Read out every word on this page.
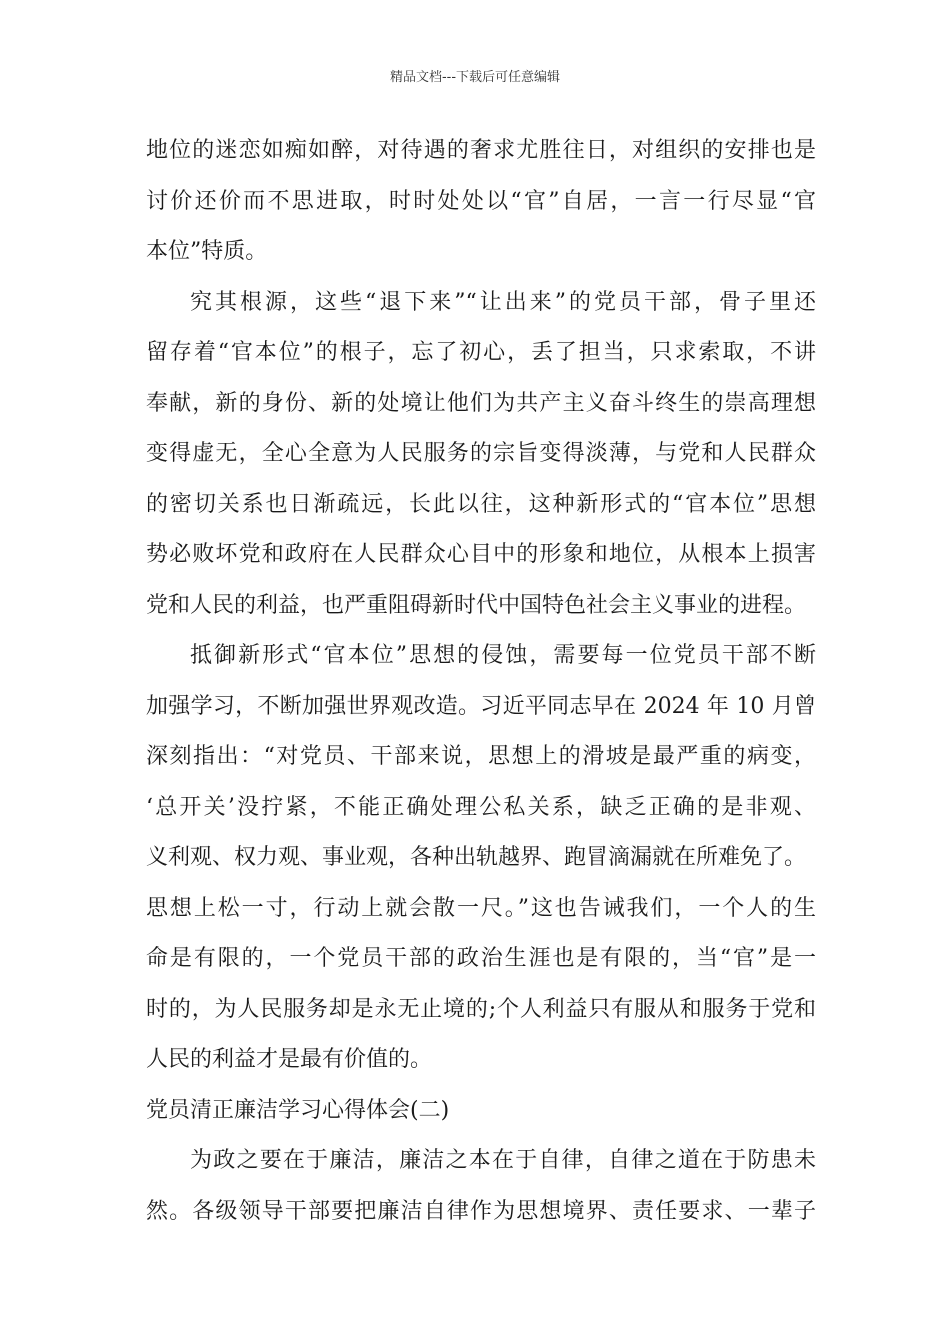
精品文档---下载后可任意编辑
地位的迷恋如痴如醉，对待遇的奢求尤胜往日，对组织的安排也是
讨价还价而不思进取，时时处处以“官”自居，一言一行尽显“官
本位”特质。
究其根源，这些“退下来”“让出来”的党员干部，骨子里还
留存着“官本位”的根子，忘了初心，丢了担当，只求索取，不讲
奉献，新的身份、新的处境让他们为共产主义奋斗终生的崇高理想
变得虚无，全心全意为人民服务的宗旨变得淡薄，与党和人民群众
的密切关系也日渐疏远，长此以往，这种新形式的“官本位”思想
势必败坏党和政府在人民群众心目中的形象和地位，从根本上损害
党和人民的利益，也严重阻碍新时代中国特色社会主义事业的进程。
抵御新形式“官本位”思想的侵蚀，需要每一位党员干部不断
加强学习，不断加强世界观改造。习近平同志早在 2024 年 10 月曾
深刻指出：“对党员、干部来说，思想上的滑坡是最严重的病变，
‘总开关’没拧紧，不能正确处理公私关系，缺乏正确的是非观、
义利观、权力观、事业观，各种出轨越界、跑冒滴漏就在所难免了。
思想上松一寸，行动上就会散一尺。”这也告诫我们，一个人的生
命是有限的，一个党员干部的政治生涯也是有限的，当“官”是一
时的，为人民服务却是永无止境的;个人利益只有服从和服务于党和
人民的利益才是最有价值的。
党员清正廉洁学习心得体会(二)
为政之要在于廉洁，廉洁之本在于自律，自律之道在于防患未
然。各级领导干部要把廉洁自律作为思想境界、责任要求、一辈子
